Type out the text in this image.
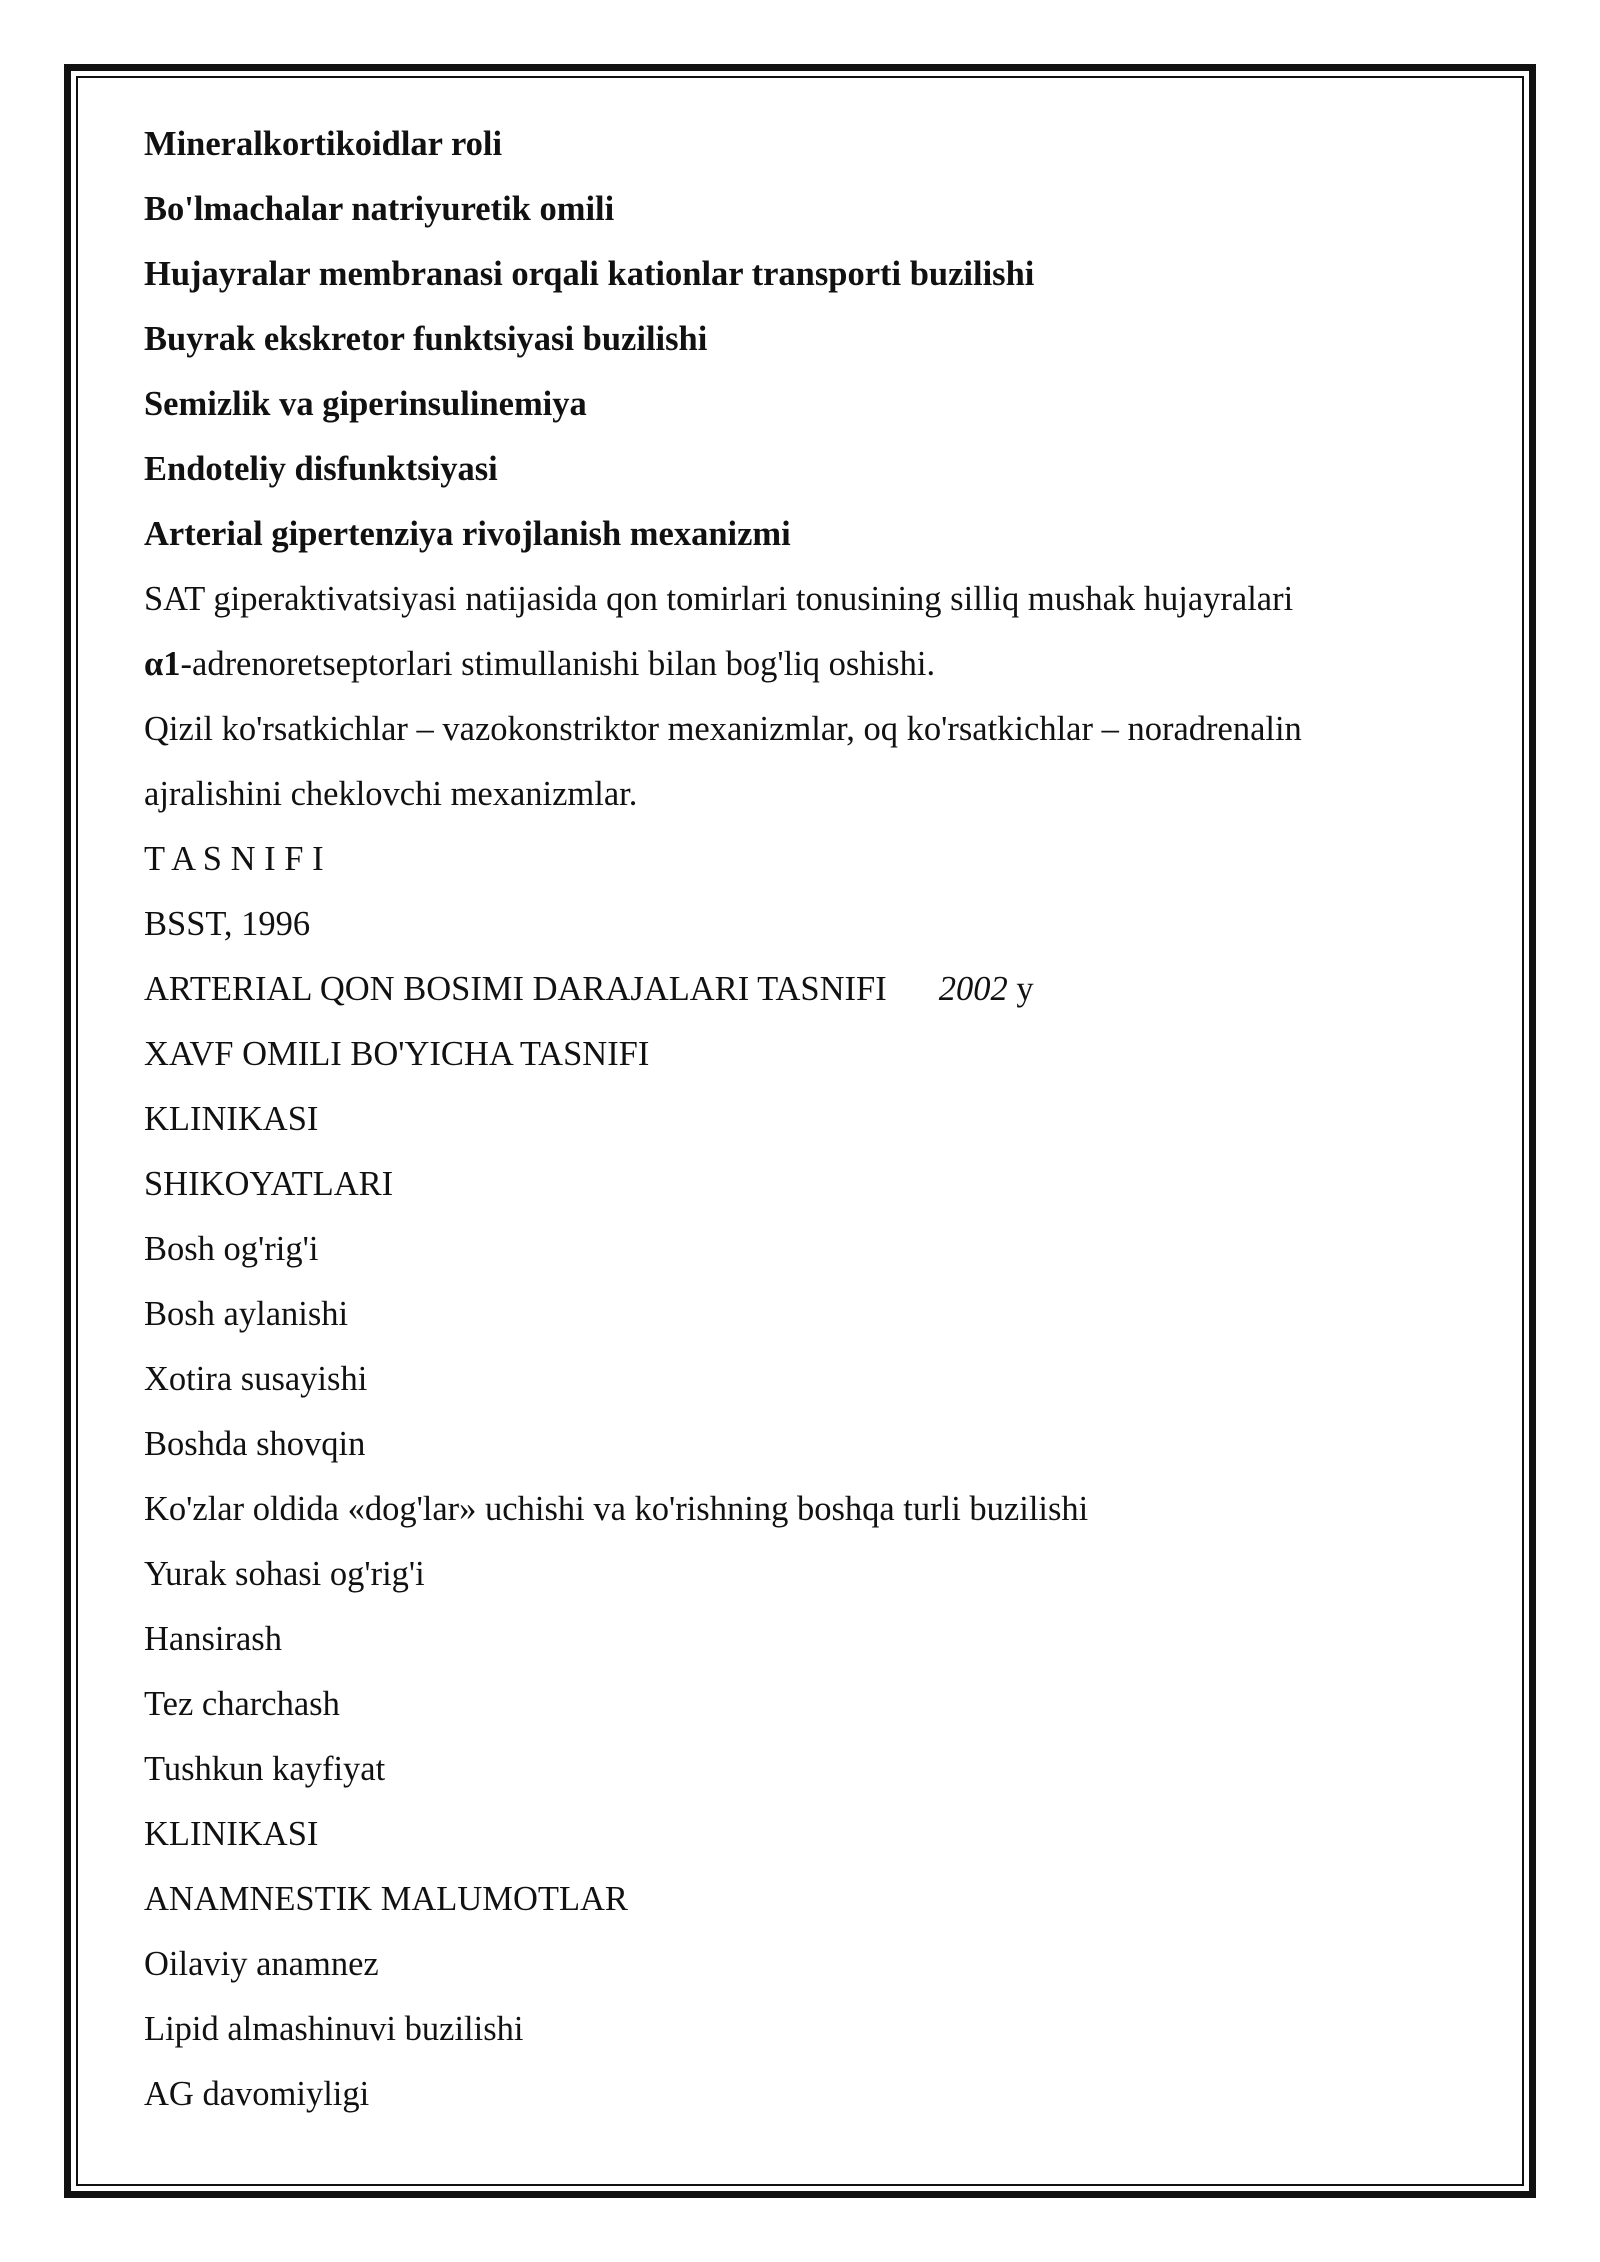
Mineralkortikoidlar roli
Bo'lmachalar natriyuretik omili
Hujayralar membranasi orqali kationlar transporti buzilishi
Buyrak ekskretor funktsiyasi buzilishi
Semizlik va giperinsulinemiya
Endoteliy disfunktsiyasi
Arterial gipertenziya rivojlanish mexanizmi
SAT giperaktivatsiyasi natijasida qon tomirlari tonusining silliq mushak hujayralari
α1-adrenoretseptorlari stimullanishi bilan bog'liq oshishi.
Qizil ko'rsatkichlar – vazokonstriktor mexanizmlar, oq ko'rsatkichlar – noradrenalin
ajralishini cheklovchi mexanizmlar.
T A S N I F I
BSST, 1996
ARTERIAL QON BOSIMI DARAJALARI TASNIFI 2002 y
XAVF OMILI BO'YICHA TASNIFI
KLINIKASI
SHIKOYATLARI
Bosh og'rig'i
Bosh aylanishi
Xotira susayishi
Boshda shovqin
Ko'zlar oldida «dog'lar» uchishi va ko'rishning boshqa turli buzilishi
Yurak sohasi og'rig'i
Hansirash
Tez charchash
Tushkun kayfiyat
KLINIKASI
ANAMNESTIK MALUMOTLAR
Oilaviy anamnez
Lipid almashinuvi buzilishi
AG davomiyligi
